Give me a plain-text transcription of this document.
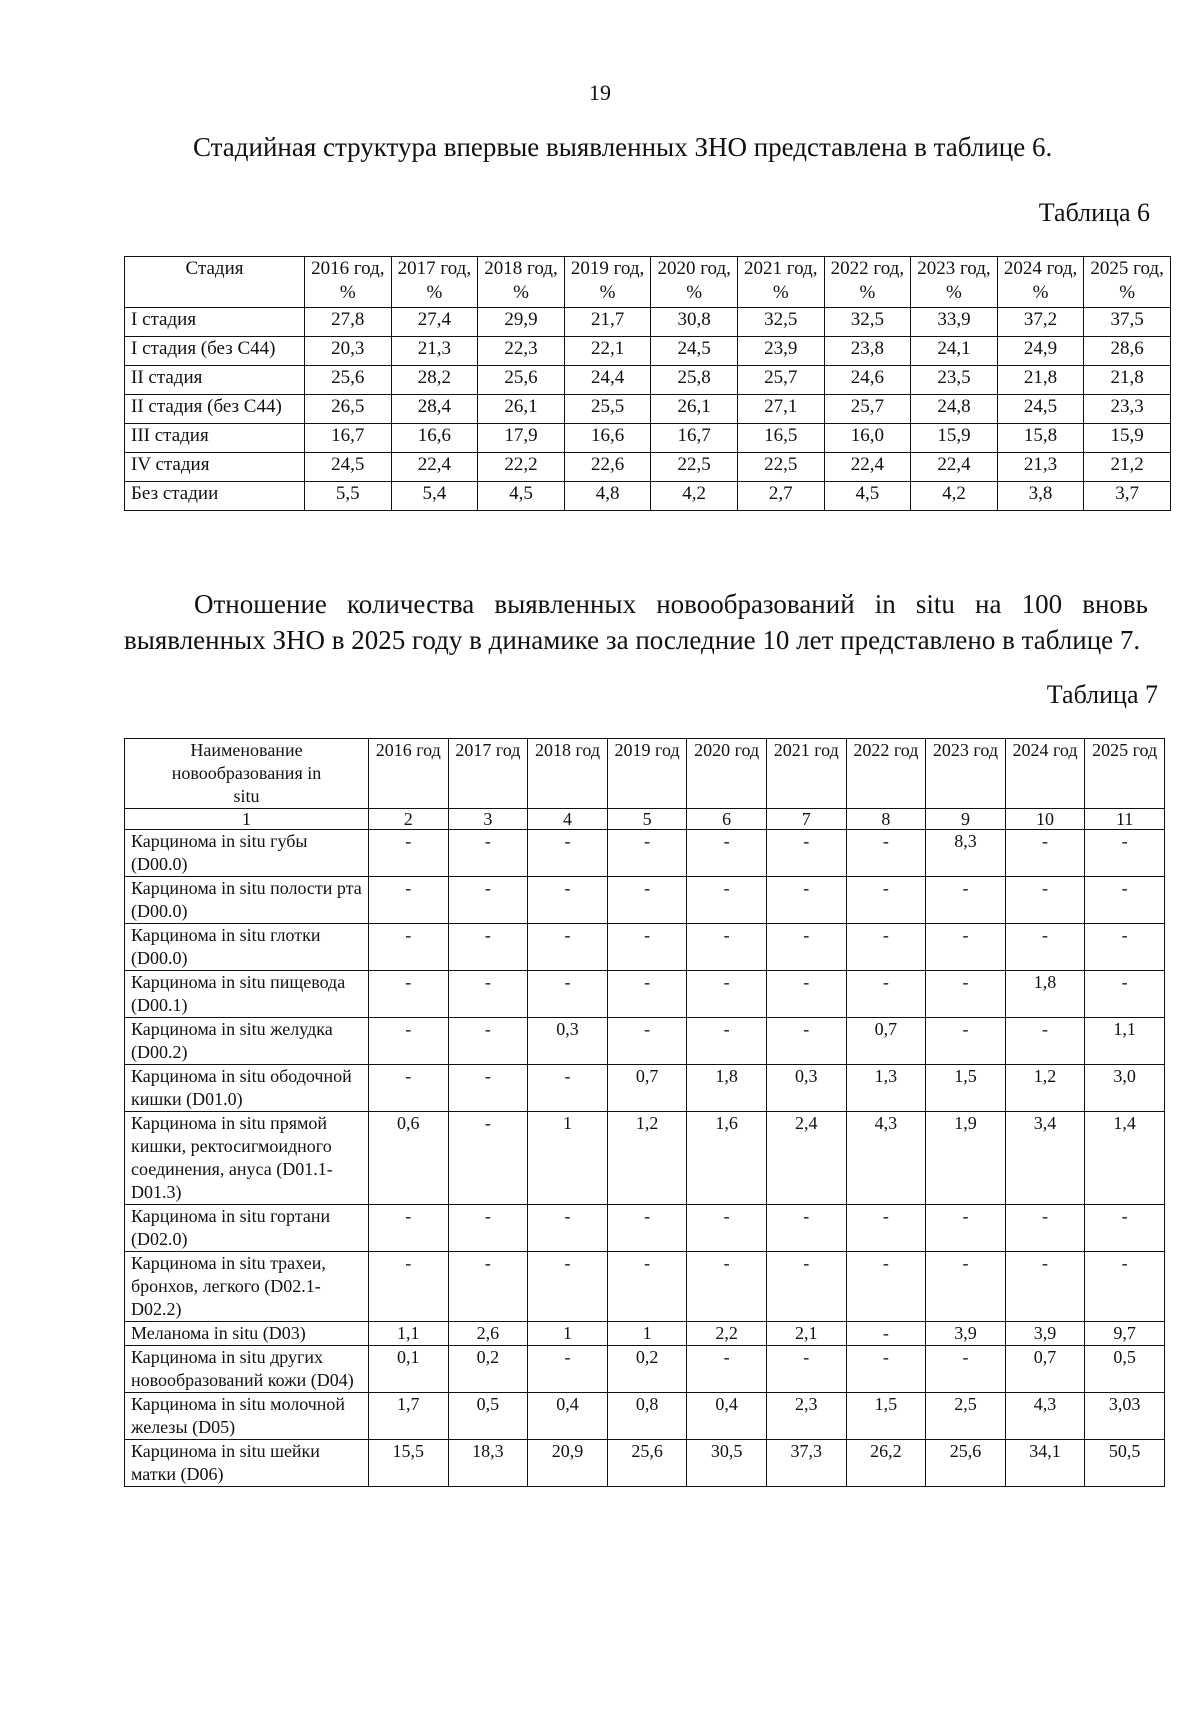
19
Стадийная структура впервые выявленных ЗНО представлена в таблице 6.
Таблица 6
Стадия	2016 год, %	2017 год, %	2018 год, %	2019 год, %	2020 год, %	2021 год, %	2022 год, %	2023 год, %	2024 год, %	2025 год, %
I стадия	27,8	27,4	29,9	21,7	30,8	32,5	32,5	33,9	37,2	37,5
I стадия (без С44)	20,3	21,3	22,3	22,1	24,5	23,9	23,8	24,1	24,9	28,6
II стадия	25,6	28,2	25,6	24,4	25,8	25,7	24,6	23,5	21,8	21,8
II стадия (без С44)	26,5	28,4	26,1	25,5	26,1	27,1	25,7	24,8	24,5	23,3
III стадия	16,7	16,6	17,9	16,6	16,7	16,5	16,0	15,9	15,8	15,9
IV стадия	24,5	22,4	22,2	22,6	22,5	22,5	22,4	22,4	21,3	21,2
Без стадии	5,5	5,4	4,5	4,8	4,2	2,7	4,5	4,2	3,8	3,7
Отношение количества выявленных новообразований in situ на 100 вновь выявленных ЗНО в 2025 году в динамике за последние 10 лет представлено в таблице 7.
Таблица 7
Наименование новообразования in situ	2016 год	2017 год	2018 год	2019 год	2020 год	2021 год	2022 год	2023 год	2024 год	2025 год
1	2	3	4	5	6	7	8	9	10	11
Карцинома in situ губы (D00.0)	-	-	-	-	-	-	-	8,3	-	-
Карцинома in situ полости рта (D00.0)	-	-	-	-	-	-	-	-	-	-
Карцинома in situ глотки (D00.0)	-	-	-	-	-	-	-	-	-	-
Карцинома in situ пищевода (D00.1)	-	-	-	-	-	-	-	-	1,8	-
Карцинома in situ желудка (D00.2)	-	-	0,3	-	-	-	0,7	-	-	1,1
Карцинома in situ ободочной кишки (D01.0)	-	-	-	0,7	1,8	0,3	1,3	1,5	1,2	3,0
Карцинома in situ прямой кишки, ректосигмоидного соединения, ануса (D01.1-D01.3)	0,6	-	1	1,2	1,6	2,4	4,3	1,9	3,4	1,4
Карцинома in situ гортани (D02.0)	-	-	-	-	-	-	-	-	-	-
Карцинома in situ трахеи, бронхов, легкого (D02.1-D02.2)	-	-	-	-	-	-	-	-	-	-
Меланома in situ (D03)	1,1	2,6	1	1	2,2	2,1	-	3,9	3,9	9,7
Карцинома in situ других новообразований кожи (D04)	0,1	0,2	-	0,2	-	-	-	-	0,7	0,5
Карцинома in situ молочной железы (D05)	1,7	0,5	0,4	0,8	0,4	2,3	1,5	2,5	4,3	3,03
Карцинома in situ шейки матки (D06)	15,5	18,3	20,9	25,6	30,5	37,3	26,2	25,6	34,1	50,5
